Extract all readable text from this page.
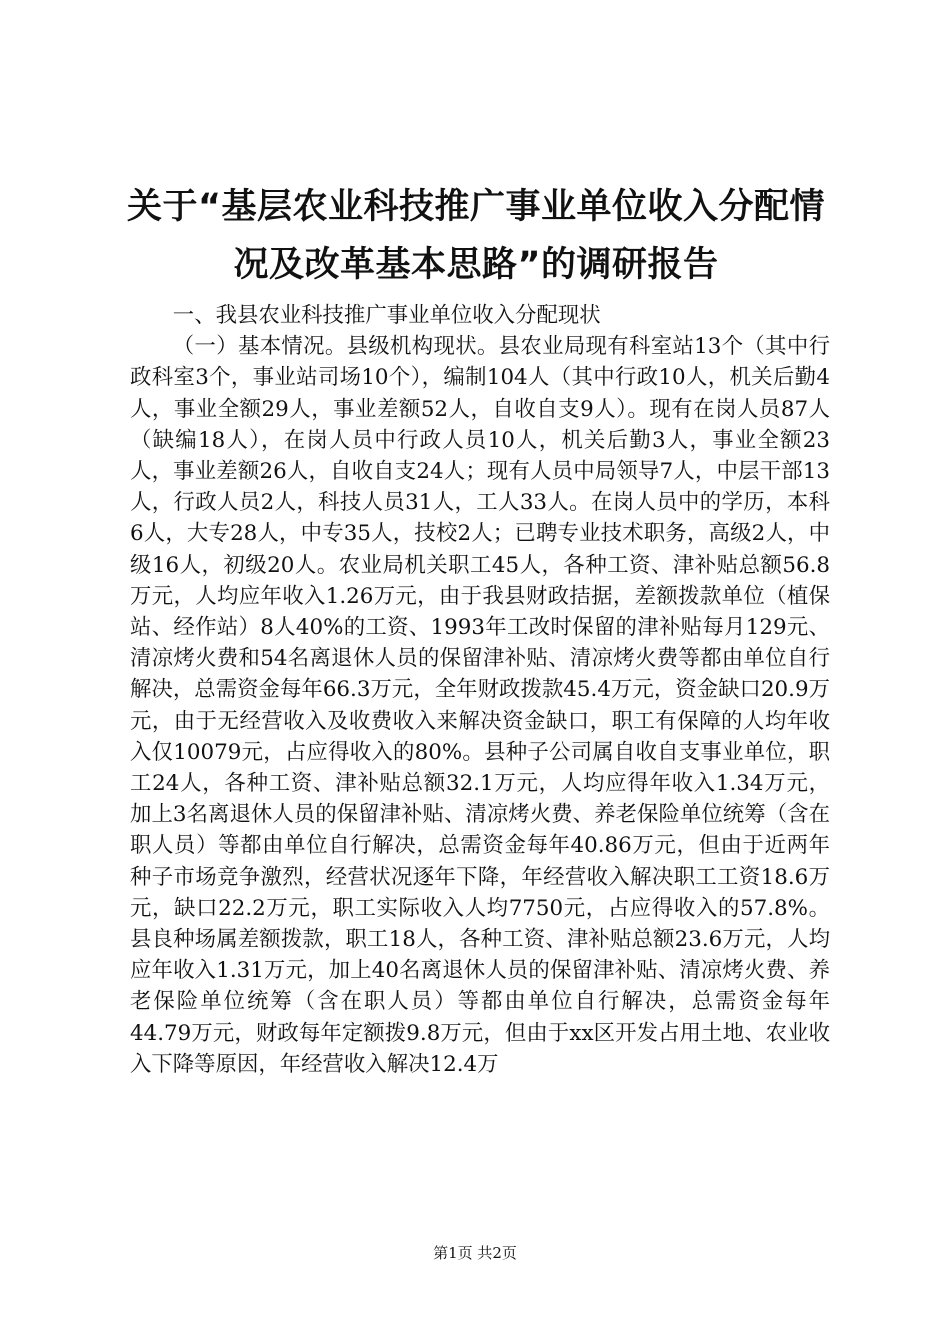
关于“基层农业科技推广事业单位收入分配情况及改革基本思路”的调研报告

一、我县农业科技推广事业单位收入分配现状

（一）基本情况。县级机构现状。县农业局现有科室站13个（其中行政科室3个，事业站司场10个），编制104人（其中行政10人，机关后勤4人，事业全额29人，事业差额52人，自收自支9人）。现有在岗人员87人（缺编18人），在岗人员中行政人员10人，机关后勤3人，事业全额23人，事业差额26人，自收自支24人；现有人员中局领导7人，中层干部13人，行政人员2人，科技人员31人，工人33人。在岗人员中的学历，本科6人，大专28人，中专35人，技校2人；已聘专业技术职务，高级2人，中级16人，初级20人。农业局机关职工45人，各种工资、津补贴总额56.8万元，人均应年收入1.26万元，由于我县财政拮据，差额拨款单位（植保站、经作站）8人40%的工资、1993年工改时保留的津补贴每月129元、清凉烤火费和54名离退休人员的保留津补贴、清凉烤火费等都由单位自行解决，总需资金每年66.3万元，全年财政拨款45.4万元，资金缺口20.9万元，由于无经营收入及收费收入来解决资金缺口，职工有保障的人均年收入仅10079元，占应得收入的80%。县种子公司属自收自支事业单位，职工24人，各种工资、津补贴总额32.1万元，人均应得年收入1.34万元，加上3名离退休人员的保留津补贴、清凉烤火费、养老保险单位统筹（含在职人员）等都由单位自行解决，总需资金每年40.86万元，但由于近两年种子市场竞争激烈，经营状况逐年下降，年经营收入解决职工工资18.6万元，缺口22.2万元，职工实际收入人均7750元，占应得收入的57.8%。县良种场属差额拨款，职工18人，各种工资、津补贴总额23.6万元，人均应年收入1.31万元，加上40名离退休人员的保留津补贴、清凉烤火费、养老保险单位统筹（含在职人员）等都由单位自行解决，总需资金每年44.79万元，财政每年定额拨9.8万元，但由于xx区开发占用土地、农业收入下降等原因，年经营收入解决12.4万

第1页 共2页
